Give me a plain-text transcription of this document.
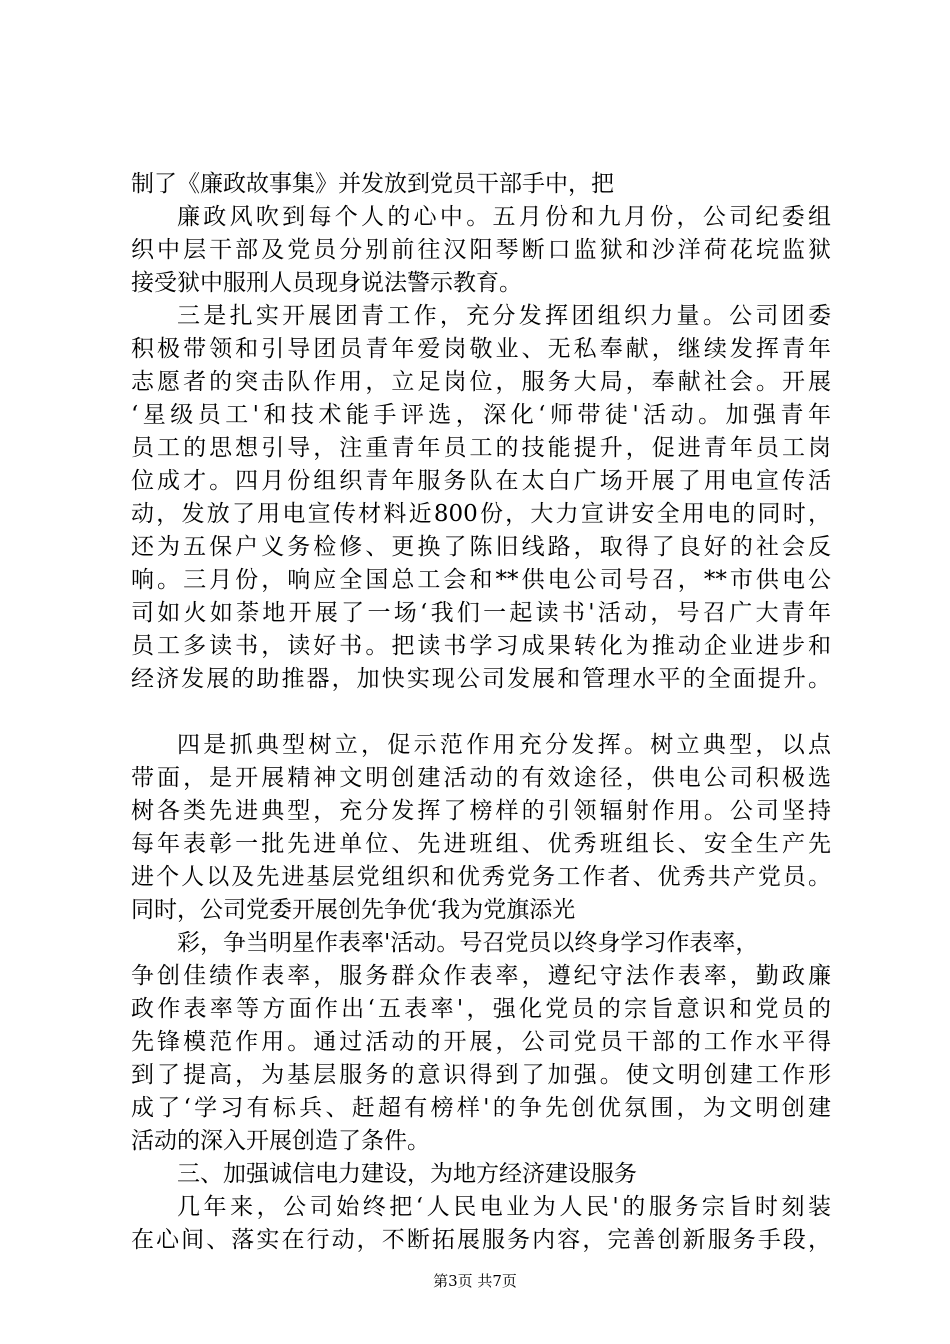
制了《廉政故事集》并发放到党员干部手中，把
廉政风吹到每个人的心中。五月份和九月份，公司纪委组
织中层干部及党员分别前往汉阳琴断口监狱和沙洋荷花垸监狱
接受狱中服刑人员现身说法警示教育。
三是扎实开展团青工作，充分发挥团组织力量。公司团委
积极带领和引导团员青年爱岗敬业、无私奉献，继续发挥青年
志愿者的突击队作用，立足岗位，服务大局，奉献社会。开展
‘星级员工'和技术能手评选，深化‘师带徒'活动。加强青年
员工的思想引导，注重青年员工的技能提升，促进青年员工岗
位成才。四月份组织青年服务队在太白广场开展了用电宣传活
动，发放了用电宣传材料近800份，大力宣讲安全用电的同时，
还为五保户义务检修、更换了陈旧线路，取得了良好的社会反
响。三月份，响应全国总工会和**供电公司号召，**市供电公
司如火如荼地开展了一场‘我们一起读书'活动，号召广大青年
员工多读书，读好书。把读书学习成果转化为推动企业进步和
经济发展的助推器，加快实现公司发展和管理水平的全面提升。
四是抓典型树立，促示范作用充分发挥。树立典型，以点
带面，是开展精神文明创建活动的有效途径，供电公司积极选
树各类先进典型，充分发挥了榜样的引领辐射作用。公司坚持
每年表彰一批先进单位、先进班组、优秀班组长、安全生产先
进个人以及先进基层党组织和优秀党务工作者、优秀共产党员。
同时，公司党委开展创先争优‘我为党旗添光
彩，争当明星作表率'活动。号召党员以终身学习作表率，
争创佳绩作表率，服务群众作表率，遵纪守法作表率，勤政廉
政作表率等方面作出‘五表率'，强化党员的宗旨意识和党员的
先锋模范作用。通过活动的开展，公司党员干部的工作水平得
到了提高，为基层服务的意识得到了加强。使文明创建工作形
成了‘学习有标兵、赶超有榜样'的争先创优氛围，为文明创建
活动的深入开展创造了条件。
三、加强诚信电力建设，为地方经济建设服务
几年来，公司始终把‘人民电业为人民'的服务宗旨时刻装
在心间、落实在行动，不断拓展服务内容，完善创新服务手段，
第3页 共7页
